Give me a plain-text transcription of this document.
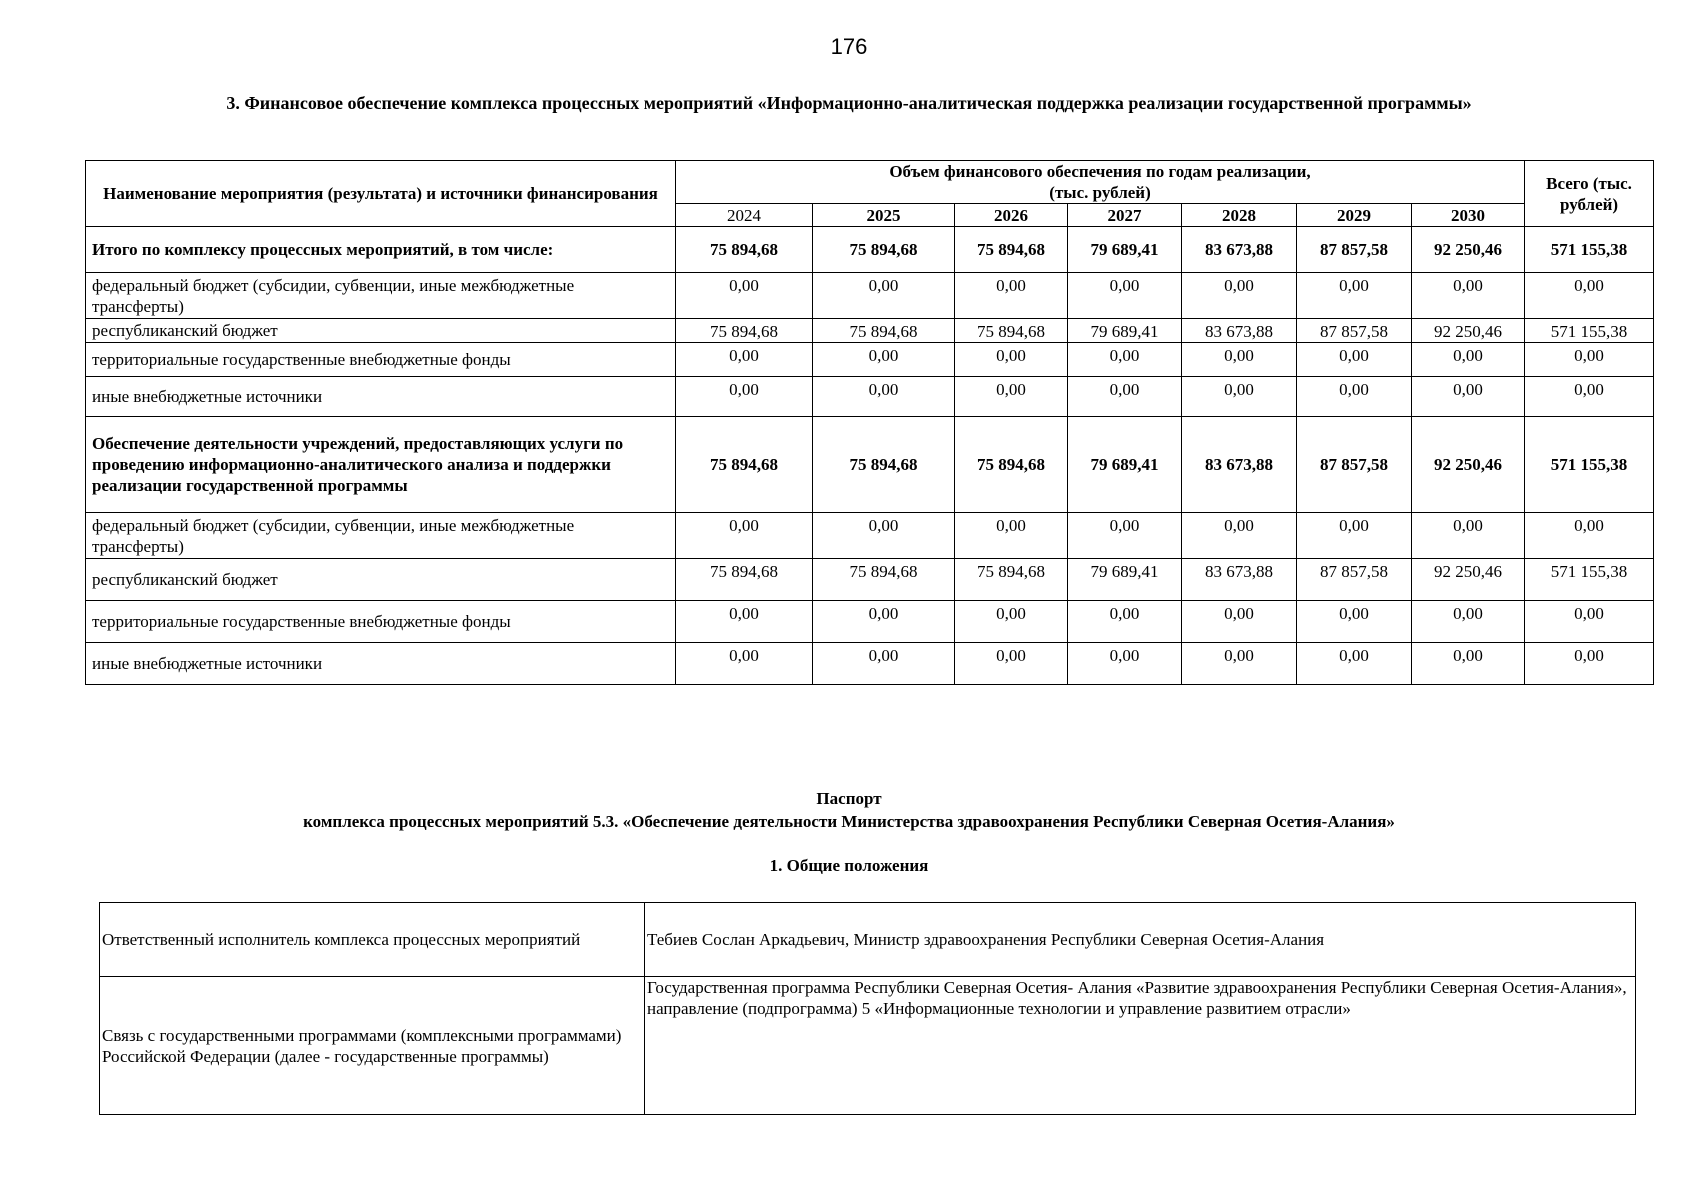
176
3. Финансовое обеспечение комплекса процессных мероприятий «Информационно-аналитическая поддержка реализации государственной программы»
Наименование мероприятия (результата) и источники финансирования	Объем финансового обеспечения по годам реализации,
(тыс. рублей)							Всего (тыс. рублей)
	2024	2025	2026	2027	2028	2029	2030	
Итого по комплексу процессных мероприятий, в том числе:	75 894,68	75 894,68	75 894,68	79 689,41	83 673,88	87 857,58	92 250,46	571 155,38
федеральный бюджет (субсидии, субвенции, иные межбюджетные трансферты)	0,00	0,00	0,00	0,00	0,00	0,00	0,00	0,00
республиканский бюджет	75 894,68	75 894,68	75 894,68	79 689,41	83 673,88	87 857,58	92 250,46	571 155,38
территориальные государственные внебюджетные фонды	0,00	0,00	0,00	0,00	0,00	0,00	0,00	0,00
иные внебюджетные источники	0,00	0,00	0,00	0,00	0,00	0,00	0,00	0,00
Обеспечение деятельности учреждений, предоставляющих услуги по проведению информационно-аналитического анализа и поддержки реализации государственной программы	75 894,68	75 894,68	75 894,68	79 689,41	83 673,88	87 857,58	92 250,46	571 155,38
федеральный бюджет (субсидии, субвенции, иные межбюджетные трансферты)	0,00	0,00	0,00	0,00	0,00	0,00	0,00	0,00
республиканский бюджет	75 894,68	75 894,68	75 894,68	79 689,41	83 673,88	87 857,58	92 250,46	571 155,38
территориальные государственные внебюджетные фонды	0,00	0,00	0,00	0,00	0,00	0,00	0,00	0,00
иные внебюджетные источники	0,00	0,00	0,00	0,00	0,00	0,00	0,00	0,00
Паспорт
комплекса процессных мероприятий 5.3. «Обеспечение деятельности Министерства здравоохранения Республики Северная Осетия-Алания»
1. Общие положения
Ответственный исполнитель комплекса процессных мероприятий	Тебиев Cослан Аркадьевич, Министр здравоохранения Республики Северная Осетия-Алания
Связь с государственными программами (комплексными программами) Российской Федерации (далее - государственные программы)	Государственная программа Республики Северная Осетия- Алания «Развитие здравоохранения Республики Северная Осетия-Алания»,
направление (подпрограмма) 5 «Информационные технологии и управление развитием отрасли»
